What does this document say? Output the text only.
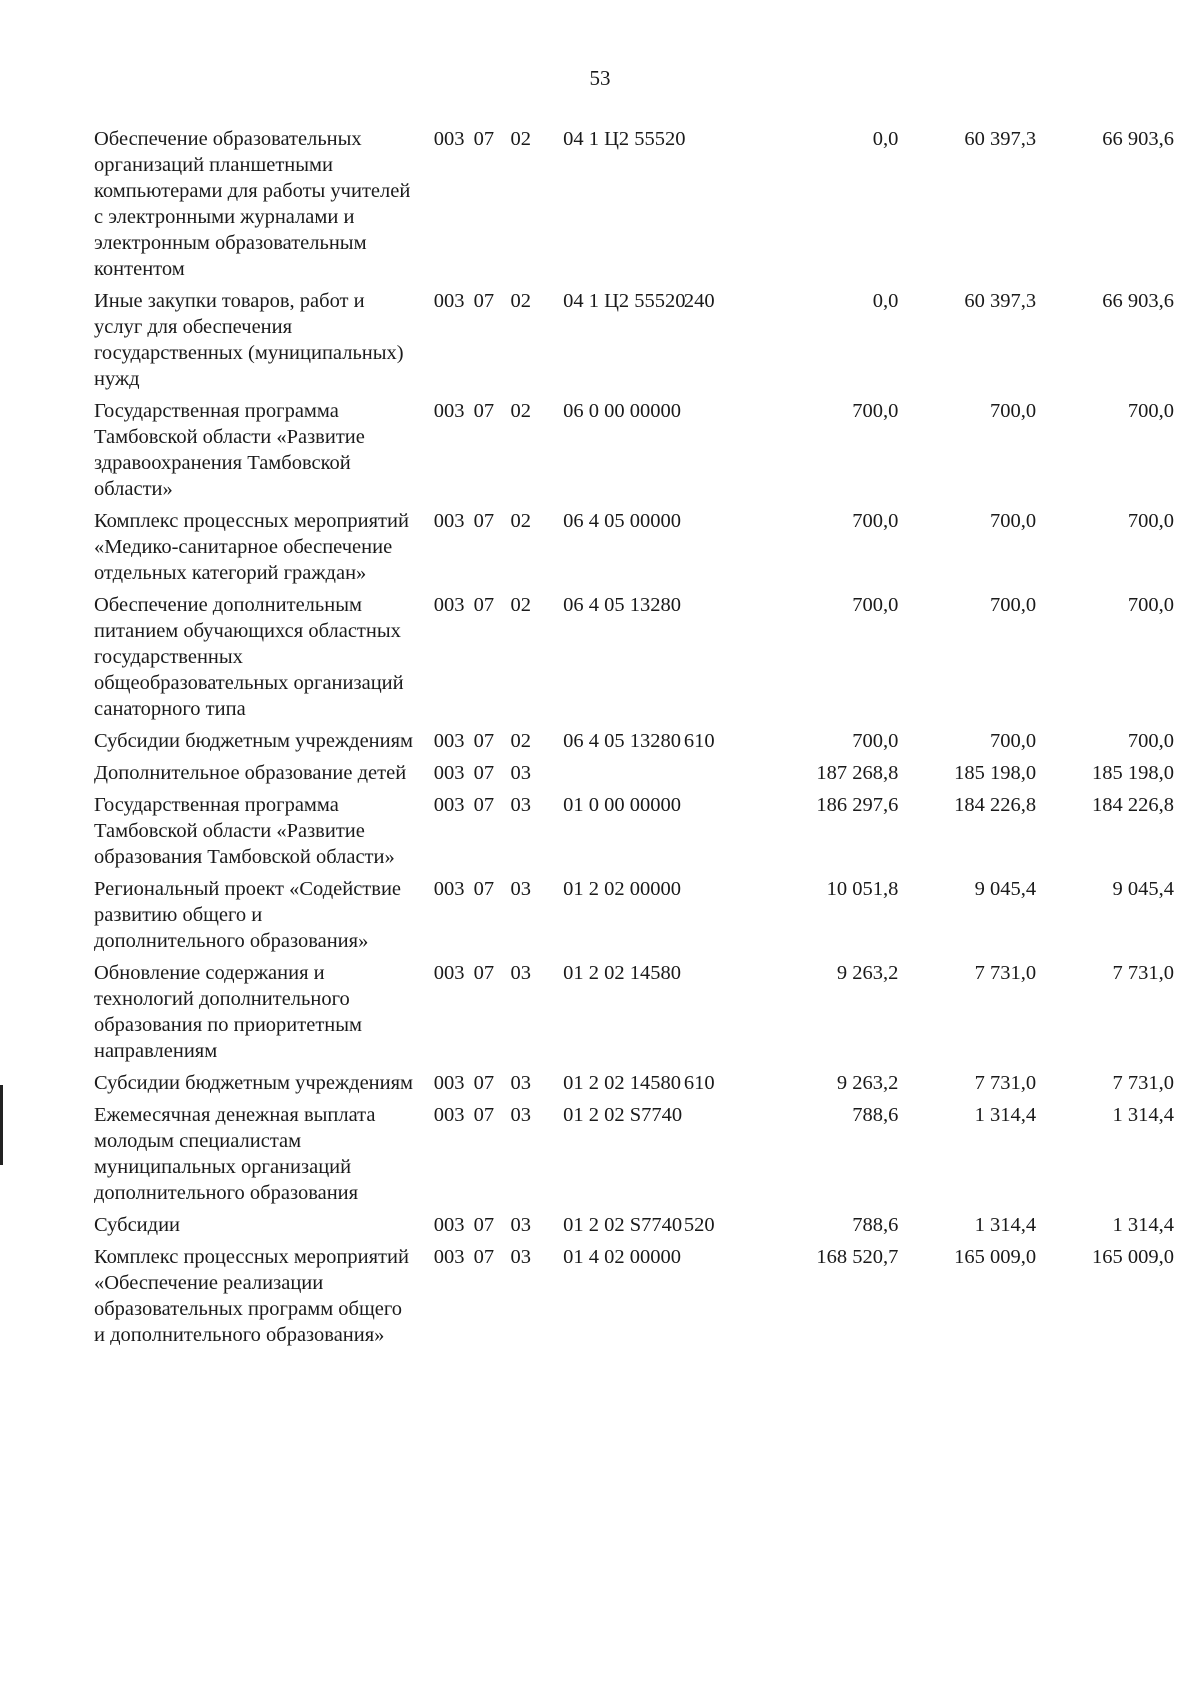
53
Обеспечение образовательных организаций планшетными компьютерами для работы учителей с электронными журналами и электронным образовательным контентом	003	07	02	04 1 Ц2 55520		0,0	60 397,3	66 903,6
Иные закупки товаров, работ и услуг для обеспечения государственных (муниципальных) нужд	003	07	02	04 1 Ц2 55520	240	0,0	60 397,3	66 903,6
Государственная программа Тамбовской области «Развитие здравоохранения Тамбовской области»	003	07	02	06 0 00 00000		700,0	700,0	700,0
Комплекс процессных мероприятий «Медико-санитарное обеспечение отдельных категорий граждан»	003	07	02	06 4 05 00000		700,0	700,0	700,0
Обеспечение дополнительным питанием обучающихся областных государственных общеобразовательных организаций санаторного типа	003	07	02	06 4 05 13280		700,0	700,0	700,0
Субсидии бюджетным учреждениям	003	07	02	06 4 05 13280	610	700,0	700,0	700,0
Дополнительное образование детей	003	07	03			187 268,8	185 198,0	185 198,0
Государственная программа Тамбовской области «Развитие образования Тамбовской области»	003	07	03	01 0 00 00000		186 297,6	184 226,8	184 226,8
Региональный проект «Содействие развитию общего и дополнительного образования»	003	07	03	01 2 02 00000		10 051,8	9 045,4	9 045,4
Обновление содержания и технологий дополнительного образования по приоритетным направлениям	003	07	03	01 2 02 14580		9 263,2	7 731,0	7 731,0
Субсидии бюджетным учреждениям	003	07	03	01 2 02 14580	610	9 263,2	7 731,0	7 731,0
Ежемесячная денежная выплата молодым специалистам муниципальных организаций дополнительного образования	003	07	03	01 2 02 S7740		788,6	1 314,4	1 314,4
Субсидии	003	07	03	01 2 02 S7740	520	788,6	1 314,4	1 314,4
Комплекс процессных мероприятий «Обеспечение реализации образовательных программ общего и дополнительного образования»	003	07	03	01 4 02 00000		168 520,7	165 009,0	165 009,0
